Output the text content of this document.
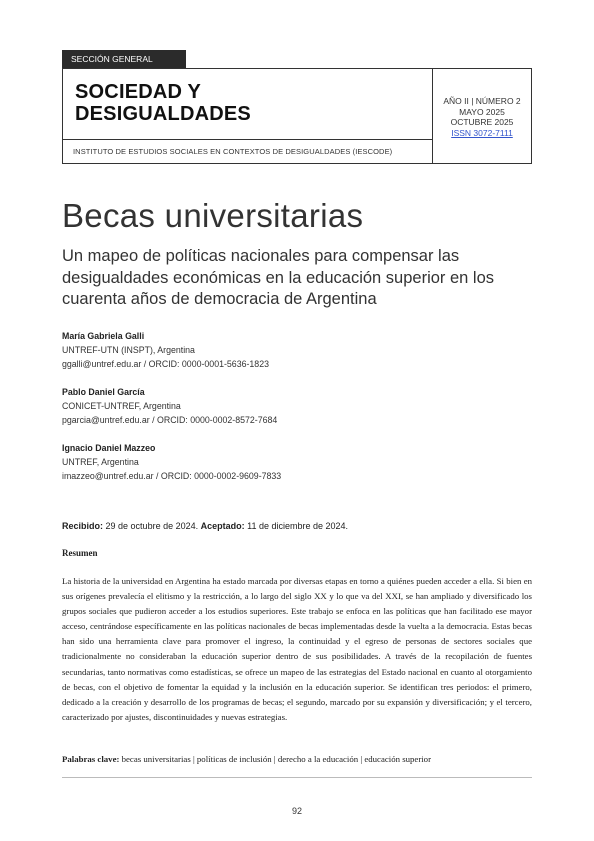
SECCIÓN GENERAL
SOCIEDAD Y
DESIGUALDADES
AÑO II | NÚMERO 2
MAYO 2025
OCTUBRE 2025
ISSN 3072-7111
INSTITUTO DE ESTUDIOS SOCIALES EN CONTEXTOS DE DESIGUALDADES (IESCODE)
Becas universitarias
Un mapeo de políticas nacionales para compensar las
desigualdades económicas en la educación superior en los
cuarenta años de democracia de Argentina
María Gabriela Galli
UNTREF-UTN (INSPT), Argentina
ggalli@untref.edu.ar / ORCID: 0000-0001-5636-1823
Pablo Daniel García
CONICET-UNTREF, Argentina
pgarcia@untref.edu.ar / ORCID: 0000-0002-8572-7684
Ignacio Daniel Mazzeo
UNTREF, Argentina
imazzeo@untref.edu.ar / ORCID: 0000-0002-9609-7833
Recibido: 29 de octubre de 2024. Aceptado: 11 de diciembre de 2024.
Resumen
La historia de la universidad en Argentina ha estado marcada por diversas etapas en torno a quiénes pueden acceder a ella. Si bien en sus orígenes prevalecía el elitismo y la restricción, a lo largo del siglo XX y lo que va del XXI, se han ampliado y diversificado los grupos sociales que pudieron acceder a los estudios superiores. Este trabajo se enfoca en las políticas que han facilitado ese mayor acceso, centrándose específicamente en las políticas nacionales de becas implementadas desde la vuelta a la democracia. Estas becas han sido una herramienta clave para promover el ingreso, la continuidad y el egreso de personas de sectores sociales que tradicionalmente no consideraban la educación superior dentro de sus posibilidades. A través de la recopilación de fuentes secundarias, tanto normativas como estadísticas, se ofrece un mapeo de las estrategias del Estado nacional en cuanto al otorgamiento de becas, con el objetivo de fomentar la equidad y la inclusión en la educación superior. Se identifican tres periodos: el primero, dedicado a la creación y desarrollo de los programas de becas; el segundo, marcado por su expansión y diversificación; y el tercero, caracterizado por ajustes, discontinuidades y nuevas estrategias.
Palabras clave: becas universitarias | políticas de inclusión | derecho a la educación | educación superior
92
